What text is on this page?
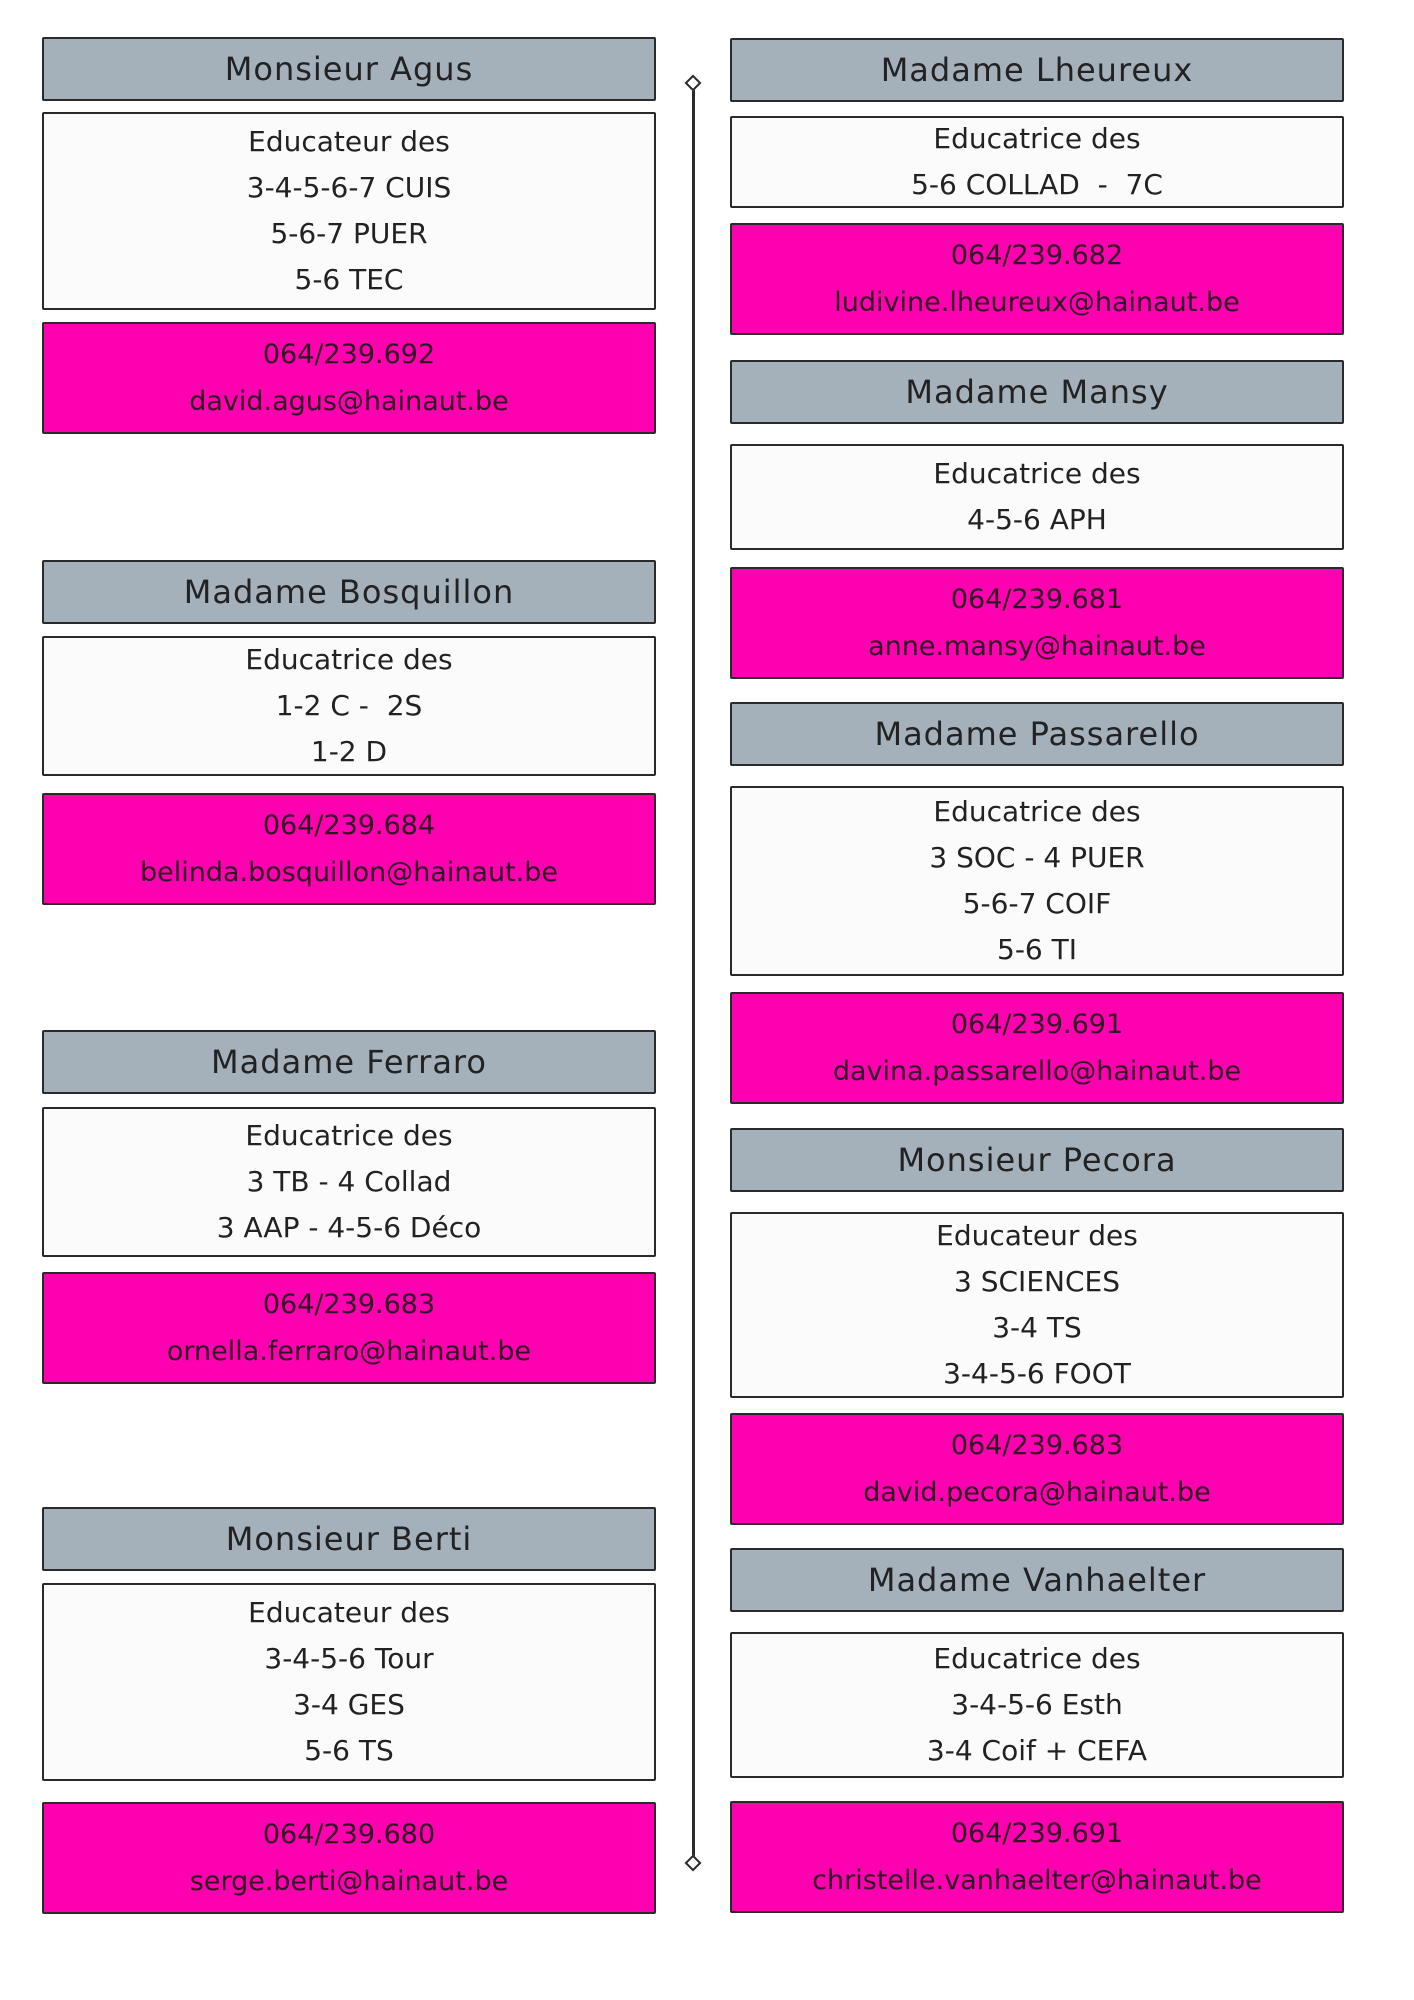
Monsieur Agus
Educateur des
3-4-5-6-7 CUIS
5-6-7 PUER
5-6 TEC
064/239.692
david.agus@hainaut.be
Madame Bosquillon
Educatrice des
1-2 C -  2S
1-2 D
064/239.684
belinda.bosquillon@hainaut.be
Madame Ferraro
Educatrice des
3 TB - 4 Collad
3 AAP - 4-5-6 Déco
064/239.683
ornella.ferraro@hainaut.be
Monsieur Berti
Educateur des
3-4-5-6 Tour
3-4 GES
5-6 TS
064/239.680
serge.berti@hainaut.be
Madame Lheureux
Educatrice des
5-6 COLLAD  -  7C
064/239.682
ludivine.lheureux@hainaut.be
Madame Mansy
Educatrice des
4-5-6 APH
064/239.681
anne.mansy@hainaut.be
Madame Passarello
Educatrice des
3 SOC - 4 PUER
5-6-7 COIF
5-6 TI
064/239.691
davina.passarello@hainaut.be
Monsieur Pecora
Educateur des
3 SCIENCES
3-4 TS
3-4-5-6 FOOT
064/239.683
david.pecora@hainaut.be
Madame Vanhaelter
Educatrice des
3-4-5-6 Esth
3-4 Coif + CEFA
064/239.691
christelle.vanhaelter@hainaut.be
